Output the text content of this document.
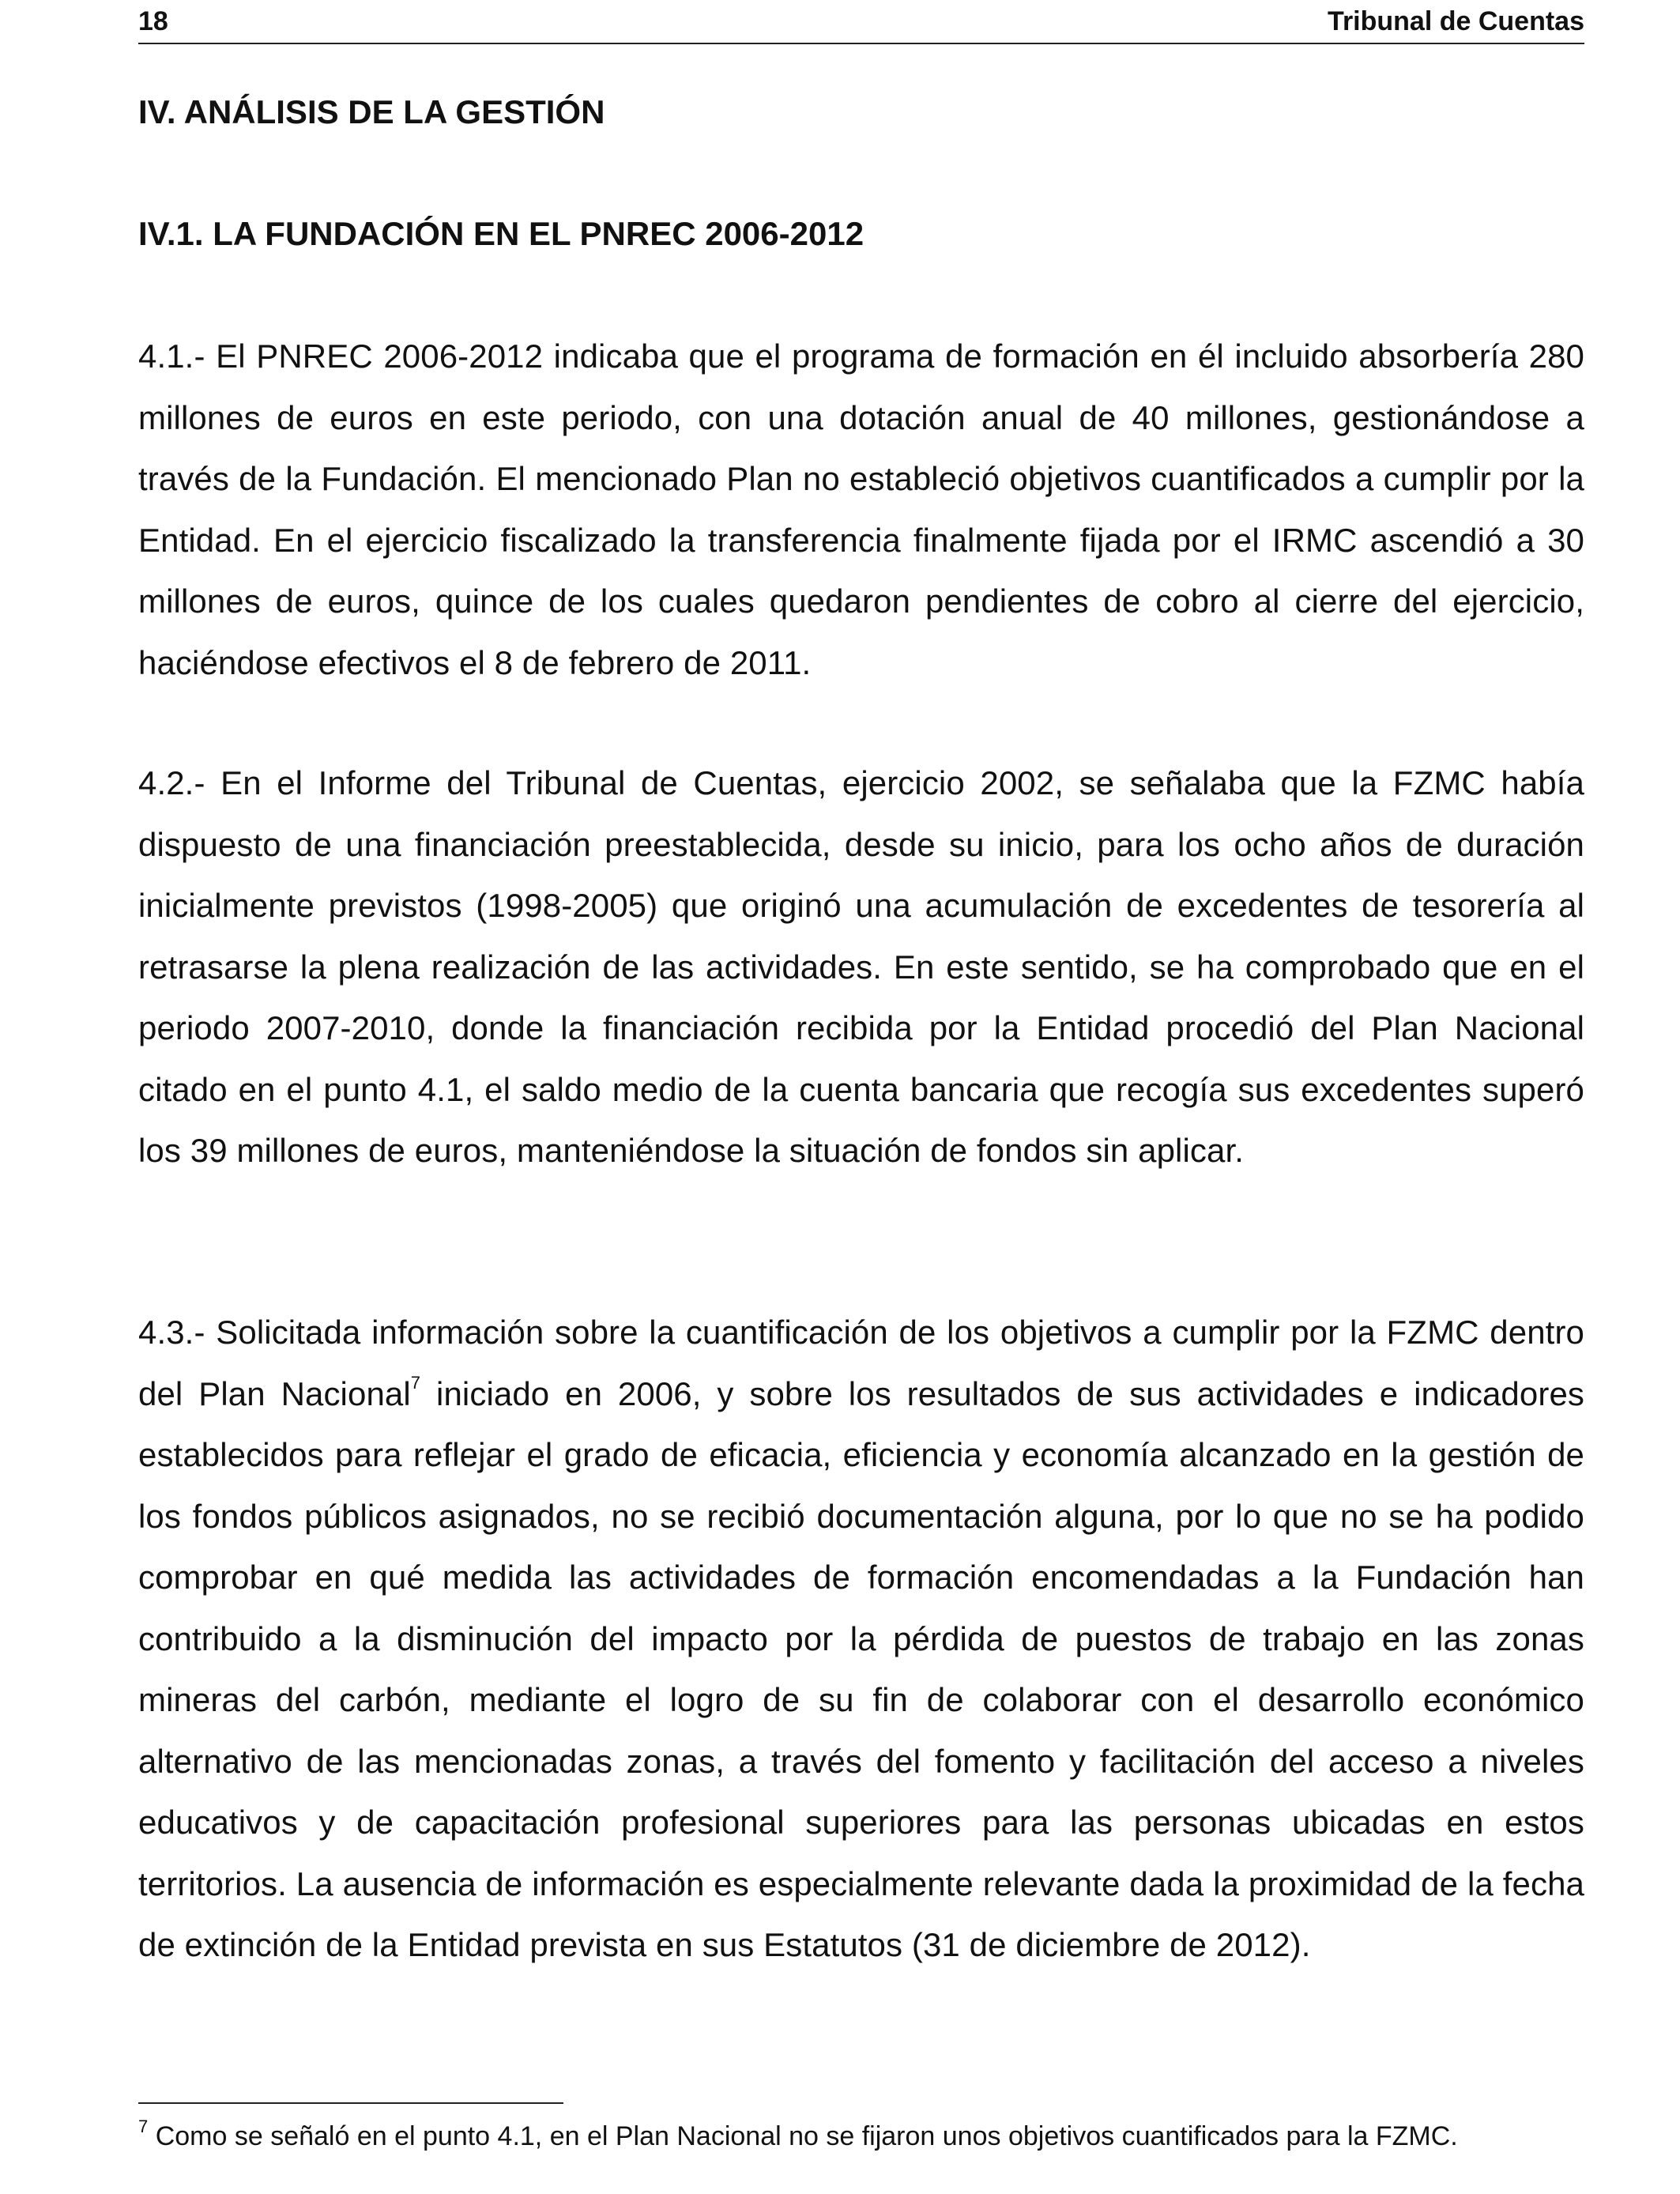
18	Tribunal de Cuentas
IV. ANÁLISIS DE LA GESTIÓN
IV.1. LA FUNDACIÓN EN EL PNREC 2006-2012

4.1.- El PNREC 2006-2012 indicaba que el programa de formación en él incluido absorbería 280 millones de euros en este periodo, con una dotación anual de 40 millones, gestionándose a través de la Fundación. El mencionado Plan no estableció objetivos cuantificados a cumplir por la Entidad. En el ejercicio fiscalizado la transferencia finalmente fijada por el IRMC ascendió a 30 millones de euros, quince de los cuales quedaron pendientes de cobro al cierre del ejercicio, haciéndose efectivos el 8 de febrero de 2011.

4.2.- En el Informe del Tribunal de Cuentas, ejercicio 2002, se señalaba que la FZMC había dispuesto de una financiación preestablecida, desde su inicio, para los ocho años de duración inicialmente previstos (1998-2005) que originó una acumulación de excedentes de tesorería al retrasarse la plena realización de las actividades. En este sentido, se ha comprobado que en el periodo 2007-2010, donde la financiación recibida por la Entidad procedió del Plan Nacional citado en el punto 4.1, el saldo medio de la cuenta bancaria que recogía sus excedentes superó los 39 millones de euros, manteniéndose la situación de fondos sin aplicar.

4.3.- Solicitada información sobre la cuantificación de los objetivos a cumplir por la FZMC dentro del Plan Nacional$^7$ iniciado en 2006, y sobre los resultados de sus actividades e indicadores establecidos para reflejar el grado de eficacia, eficiencia y economía alcanzado en la gestión de los fondos públicos asignados, no se recibió documentación alguna, por lo que no se ha podido comprobar en qué medida las actividades de formación encomendadas a la Fundación han contribuido a la disminución del impacto por la pérdida de puestos de trabajo en las zonas mineras del carbón, mediante el logro de su fin de colaborar con el desarrollo económico alternativo de las mencionadas zonas, a través del fomento y facilitación del acceso a niveles educativos y de capacitación profesional superiores para las personas ubicadas en estos territorios. La ausencia de información es especialmente relevante dada la proximidad de la fecha de extinción de la Entidad prevista en sus Estatutos (31 de diciembre de 2012).

$^7$ Como se señaló en el punto 4.1, en el Plan Nacional no se fijaron unos objetivos cuantificados para la FZMC.
